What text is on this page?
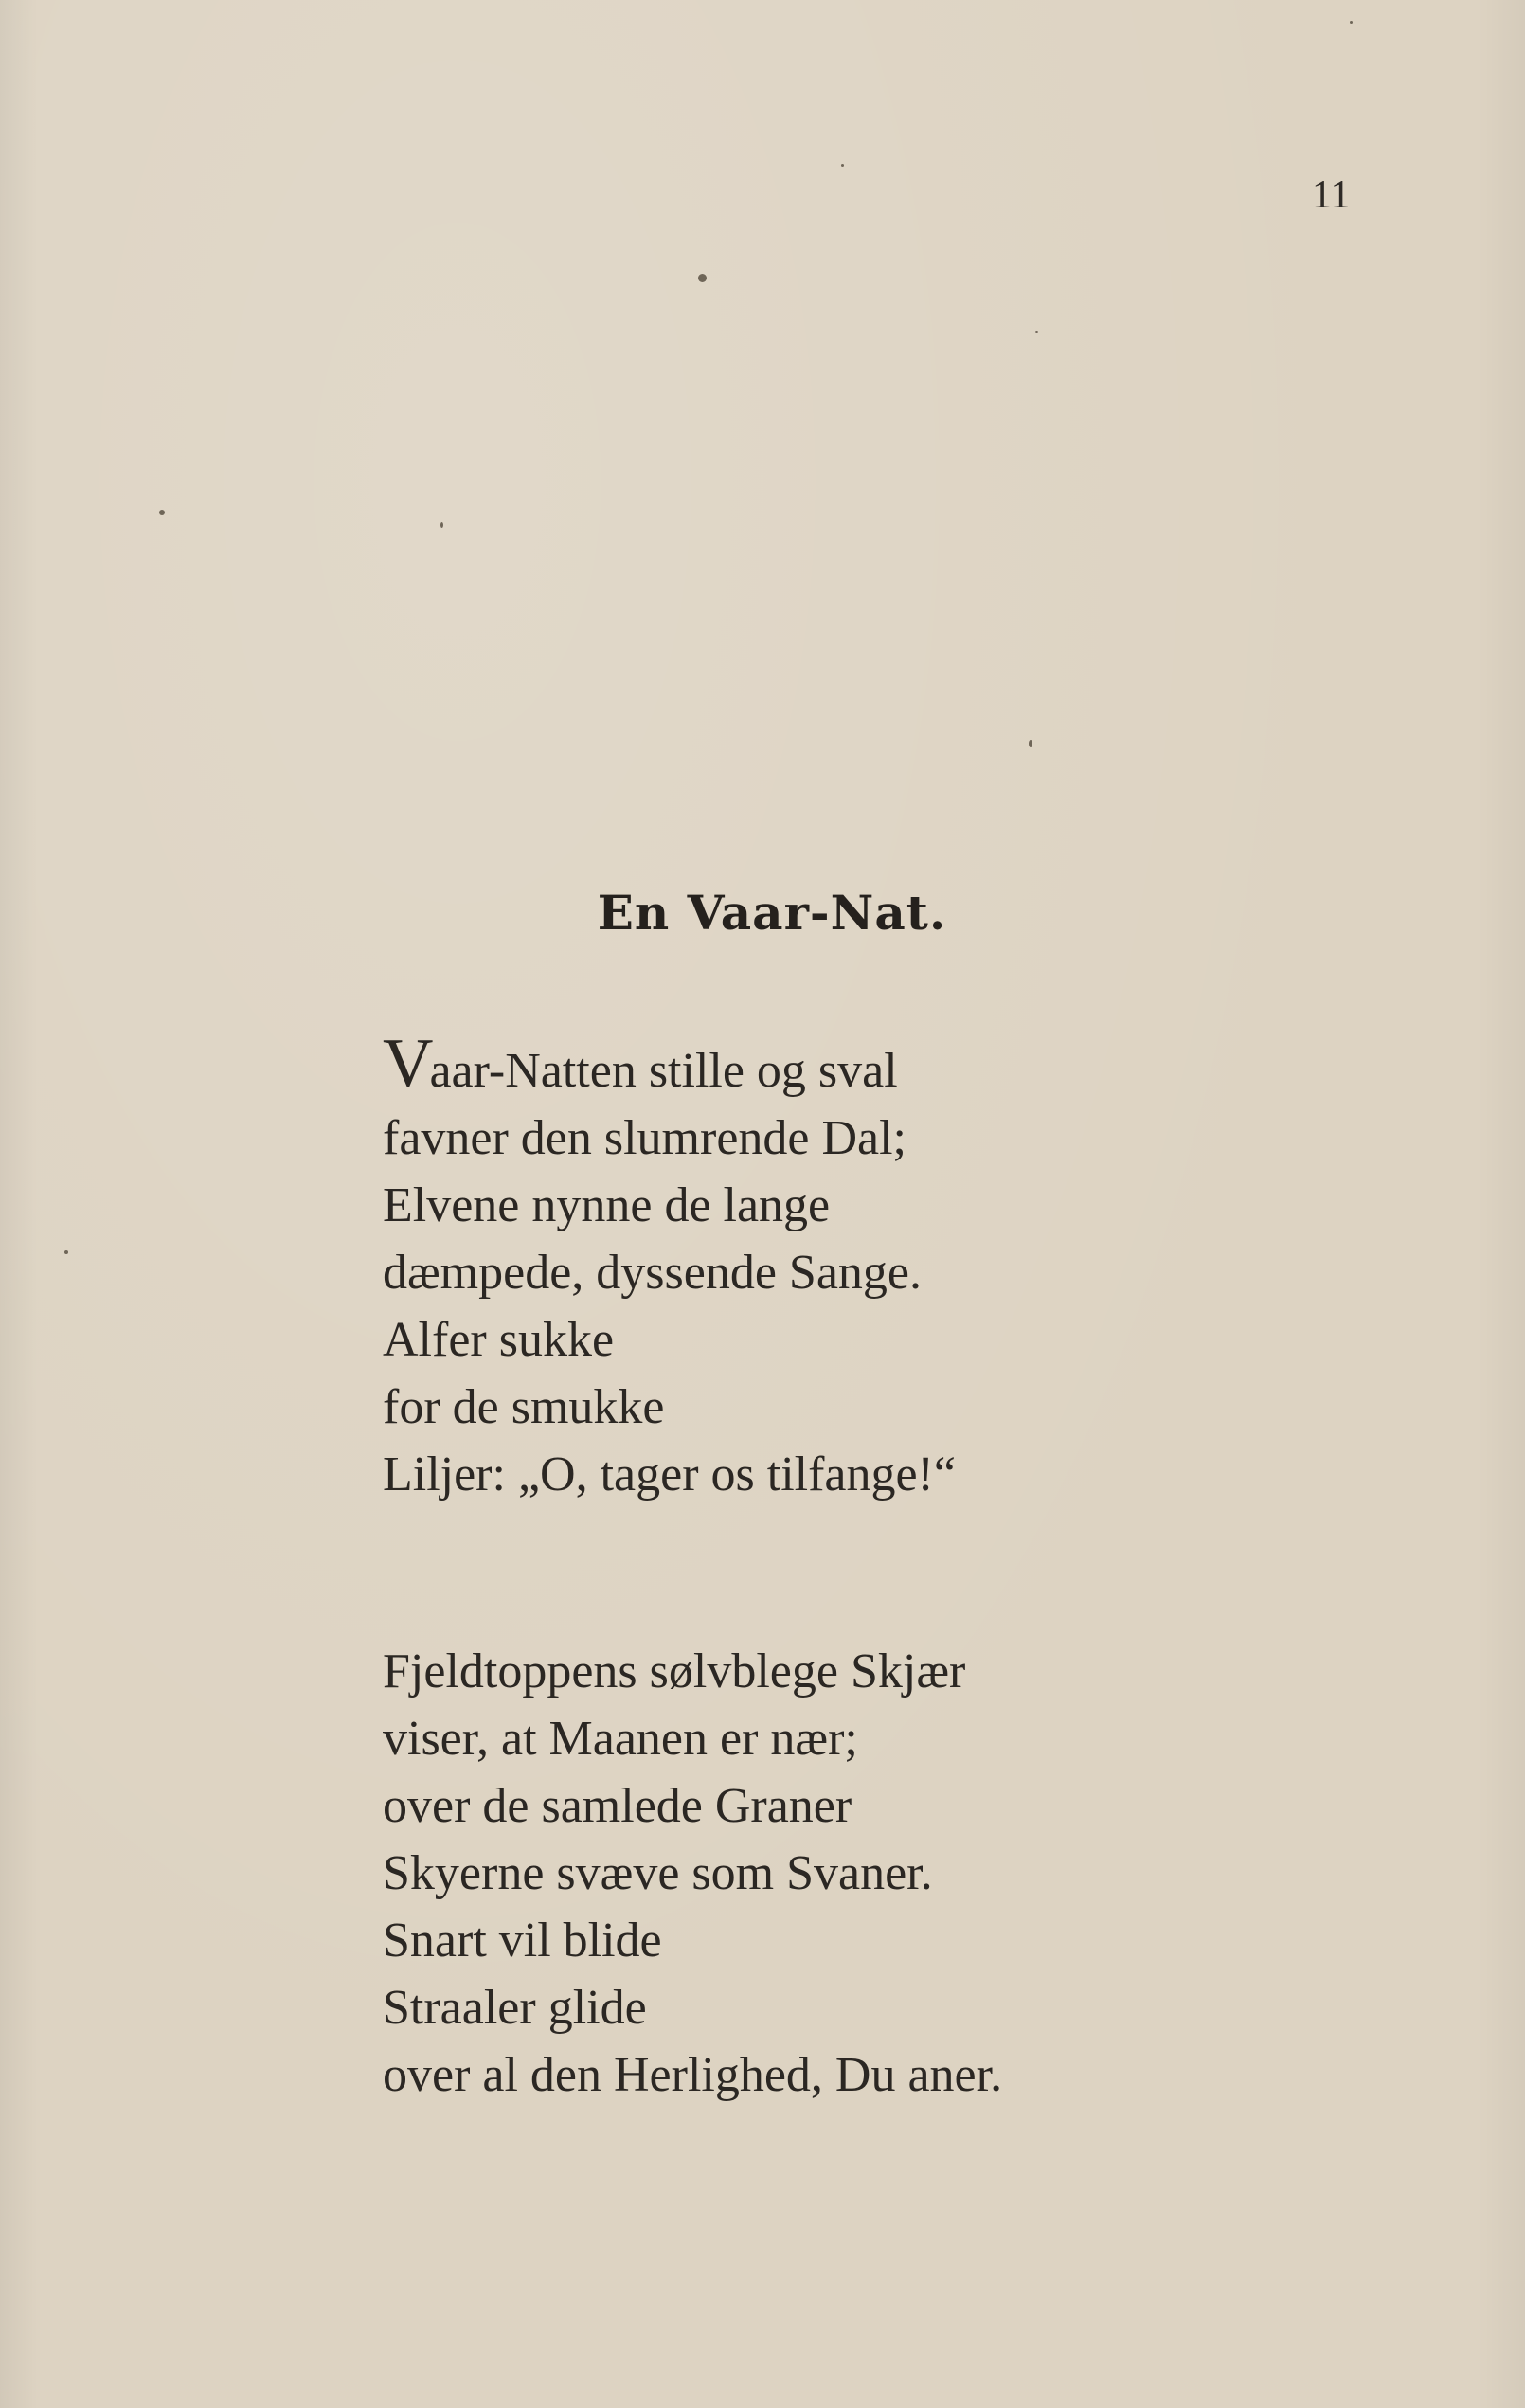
11
En Vaar-Nat.
Vaar-Natten stille og sval
favner den slumrende Dal;
Elvene nynne de lange
dæmpede, dyssende Sange.
Alfer sukke
for de smukke
Liljer: „O, tager os tilfange!“
Fjeldtoppens sølvblege Skjær
viser, at Maanen er nær;
over de samlede Graner
Skyerne svæve som Svaner.
Snart vil blide
Straaler glide
over al den Herlighed, Du aner.
